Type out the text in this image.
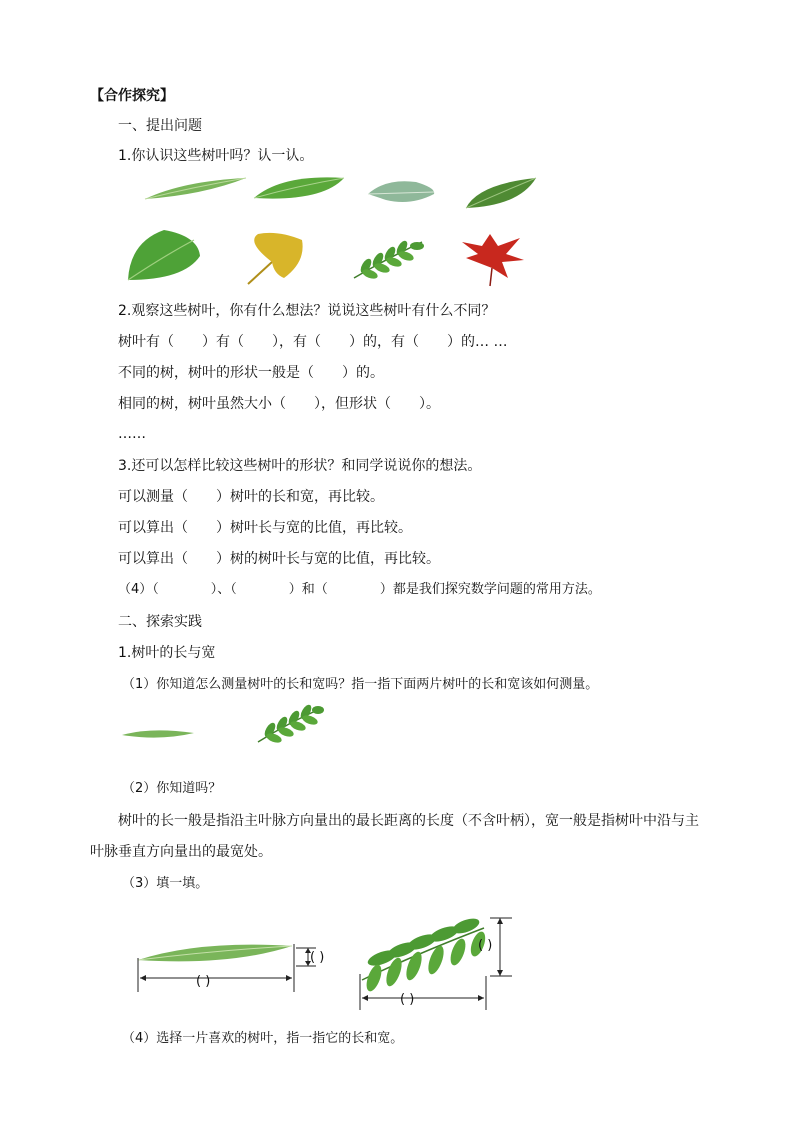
【合作探究】
一、提出问题
1.你认识这些树叶吗？认一认。
2.观察这些树叶，你有什么想法？说说这些树叶有什么不同？
树叶有（ ）有（ ），有（ ）的，有（ ）的… …
不同的树，树叶的形状一般是（ ）的。
相同的树，树叶虽然大小（ ），但形状（ ）。
……
3.还可以怎样比较这些树叶的形状？和同学说说你的想法。
可以测量（ ）树叶的长和宽，再比较。
可以算出（ ）树叶长与宽的比值，再比较。
可以算出（ ）树的树叶长与宽的比值，再比较。
（4）（	）、（	）和（	）都是我们探究数学问题的常用方法。
二、探索实践
1.树叶的长与宽
（1）你知道怎么测量树叶的长和宽吗？指一指下面两片树叶的长和宽该如何测量。
（2）你知道吗？
树叶的长一般是指沿主叶脉方向量出的最长距离的长度（不含叶柄），宽一般是指树叶中沿与主
叶脉垂直方向量出的最宽处。
（3）填一填。
( )
( )
( )
( )
（4）选择一片喜欢的树叶，指一指它的长和宽。
